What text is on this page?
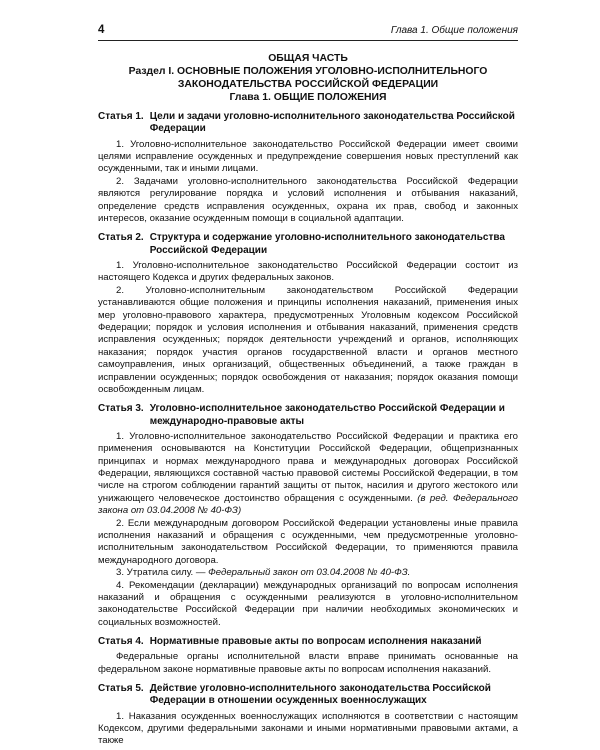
4	Глава 1. Общие положения
ОБЩАЯ ЧАСТЬ
Раздел I. ОСНОВНЫЕ ПОЛОЖЕНИЯ УГОЛОВНО-ИСПОЛНИТЕЛЬНОГО ЗАКОНОДАТЕЛЬСТВА РОССИЙСКОЙ ФЕДЕРАЦИИ
Глава 1. ОБЩИЕ ПОЛОЖЕНИЯ
Статья 1. Цели и задачи уголовно-исполнительного законодательства Российской Федерации

1. Уголовно-исполнительное законодательство Российской Федерации имеет своими целями исправление осужденных и предупреждение совершения новых преступлений как осужденными, так и иными лицами.

2. Задачами уголовно-исполнительного законодательства Российской Федерации являются регулирование порядка и условий исполнения и отбывания наказаний, определение средств исправления осужденных, охрана их прав, свобод и законных интересов, оказание осужденным помощи в социальной адаптации.

Статья 2. Структура и содержание уголовно-исполнительного законодательства Российской Федерации

1. Уголовно-исполнительное законодательство Российской Федерации состоит из настоящего Кодекса и других федеральных законов.

2. Уголовно-исполнительным законодательством Российской Федерации устанавливаются общие положения и принципы исполнения наказаний, применения иных мер уголовно-правового характера, предусмотренных Уголовным кодексом Российской Федерации; порядок и условия исполнения и отбывания наказаний, применения средств исправления осужденных; порядок деятельности учреждений и органов, исполняющих наказания; порядок участия органов государственной власти и органов местного самоуправления, иных организаций, общественных объединений, а также граждан в исправлении осужденных; порядок освобождения от наказания; порядок оказания помощи освобожденным лицам.

Статья 3. Уголовно-исполнительное законодательство Российской Федерации и международно-правовые акты

1. Уголовно-исполнительное законодательство Российской Федерации и практика его применения основываются на Конституции Российской Федерации, общепризнанных принципах и нормах международного права и международных договорах Российской Федерации, являющихся составной частью правовой системы Российской Федерации, в том числе на строгом соблюдении гарантий защиты от пыток, насилия и другого жестокого или унижающего человеческое достоинство обращения с осужденными. (в ред. Федерального закона от 03.04.2008 № 40-ФЗ)

2. Если международным договором Российской Федерации установлены иные правила исполнения наказаний и обращения с осужденными, чем предусмотренные уголовно-исполнительным законодательством Российской Федерации, то применяются правила международного договора.

3. Утратила силу. — Федеральный закон от 03.04.2008 № 40-ФЗ.

4. Рекомендации (декларации) международных организаций по вопросам исполнения наказаний и обращения с осужденными реализуются в уголовно-исполнительном законодательстве Российской Федерации при наличии необходимых экономических и социальных возможностей.

Статья 4. Нормативные правовые акты по вопросам исполнения наказаний

Федеральные органы исполнительной власти вправе принимать основанные на федеральном законе нормативные правовые акты по вопросам исполнения наказаний.

Статья 5. Действие уголовно-исполнительного законодательства Российской Федерации в отношении осужденных военнослужащих

1. Наказания осужденных военнослужащих исполняются в соответствии с настоящим Кодексом, другими федеральными законами и иными нормативными правовыми актами, а также
